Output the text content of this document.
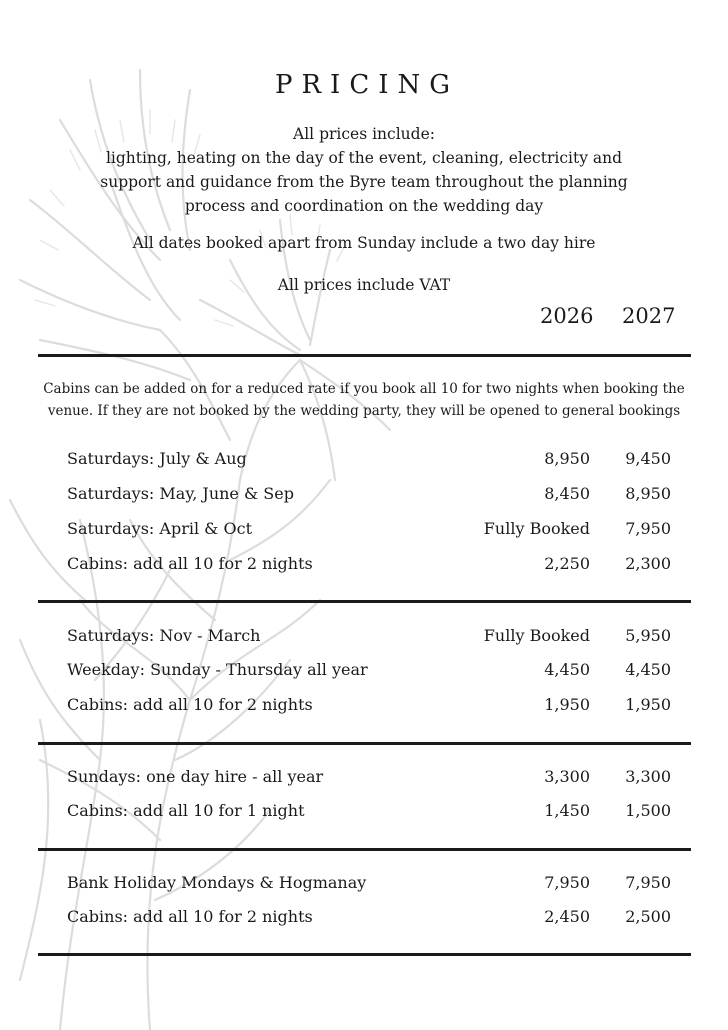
PRICING

All prices include:

lighting, heating on the day of the event, cleaning, electricity and support and guidance from the Byre team throughout the planning process and coordination on the wedding day

All dates booked apart from Sunday include a two day hire

All prices include VAT

2026 2027

Cabins can be added on for a reduced rate if you book all 10 for two nights when booking the venue. If they are not booked by the wedding party, they will be opened to general bookings

Saturdays: July & Aug	8,950 9,450
Saturdays: May, June & Sep	8,450 8,950
Saturdays: April & Oct	Fully Booked 7,950
Cabins: add all 10 for 2 nights	2,250 2,300
Saturdays: Nov - March	Fully Booked 5,950
Weekday: Sunday - Thursday all year	4,450 4,450
Cabins: add all 10 for 2 nights	1,950 1,950
Sundays: one day hire - all year	3,300 3,300
Cabins: add all 10 for 1 night	1,450 1,500
Bank Holiday Mondays & Hogmanay	7,950 7,950
Cabins: add all 10 for 2 nights	2,450 2,500
